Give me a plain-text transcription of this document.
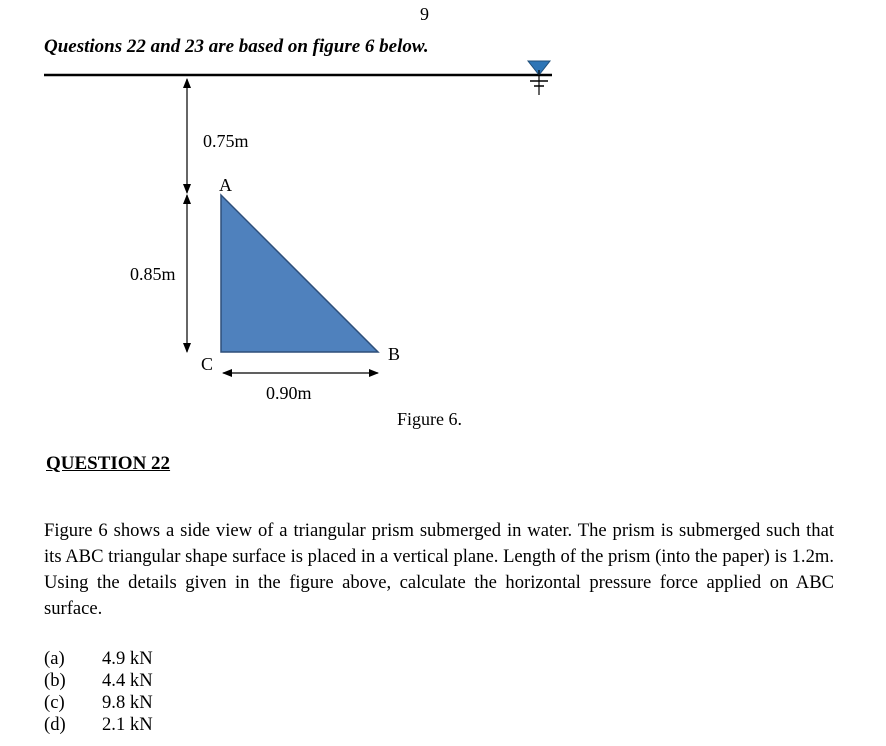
9
Questions 22 and 23 are based on figure 6 below.
0.75m
0.85m
A
B
C
0.90m
Figure 6.
QUESTION 22
Figure 6 shows a side view of a triangular prism submerged in water. The prism is submerged such that its ABC triangular shape surface is placed in a vertical plane. Length of the prism (into the paper) is 1.2m. Using the details given in the figure above, calculate the horizontal pressure force applied on ABC surface.
(a)	4.9 kN
(b)	4.4 kN
(c)	9.8 kN
(d)	2.1 kN
